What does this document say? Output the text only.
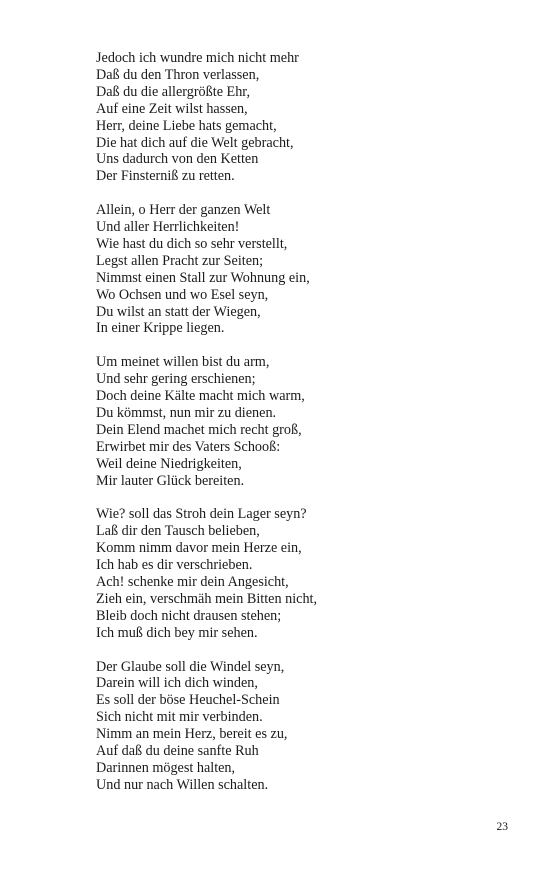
Jedoch ich wundre mich nicht mehr
Daß du den Thron verlassen,
Daß du die allergrößte Ehr,
Auf eine Zeit wilst hassen,
Herr, deine Liebe hats gemacht,
Die hat dich auf die Welt gebracht,
Uns dadurch von den Ketten
Der Finsterniß zu retten.
Allein, o Herr der ganzen Welt
Und aller Herrlichkeiten!
Wie hast du dich so sehr verstellt,
Legst allen Pracht zur Seiten;
Nimmst einen Stall zur Wohnung ein,
Wo Ochsen und wo Esel seyn,
Du wilst an statt der Wiegen,
In einer Krippe liegen.
Um meinet willen bist du arm,
Und sehr gering erschienen;
Doch deine Kälte macht mich warm,
Du kömmst, nun mir zu dienen.
Dein Elend machet mich recht groß,
Erwirbet mir des Vaters Schooß:
Weil deine Niedrigkeiten,
Mir lauter Glück bereiten.
Wie? soll das Stroh dein Lager seyn?
Laß dir den Tausch belieben,
Komm nimm davor mein Herze ein,
Ich hab es dir verschrieben.
Ach! schenke mir dein Angesicht,
Zieh ein, verschmäh mein Bitten nicht,
Bleib doch nicht drausen stehen;
Ich muß dich bey mir sehen.
Der Glaube soll die Windel seyn,
Darein will ich dich winden,
Es soll der böse Heuchel-Schein
Sich nicht mit mir verbinden.
Nimm an mein Herz, bereit es zu,
Auf daß du deine sanfte Ruh
Darinnen mögest halten,
Und nur nach Willen schalten.
23
